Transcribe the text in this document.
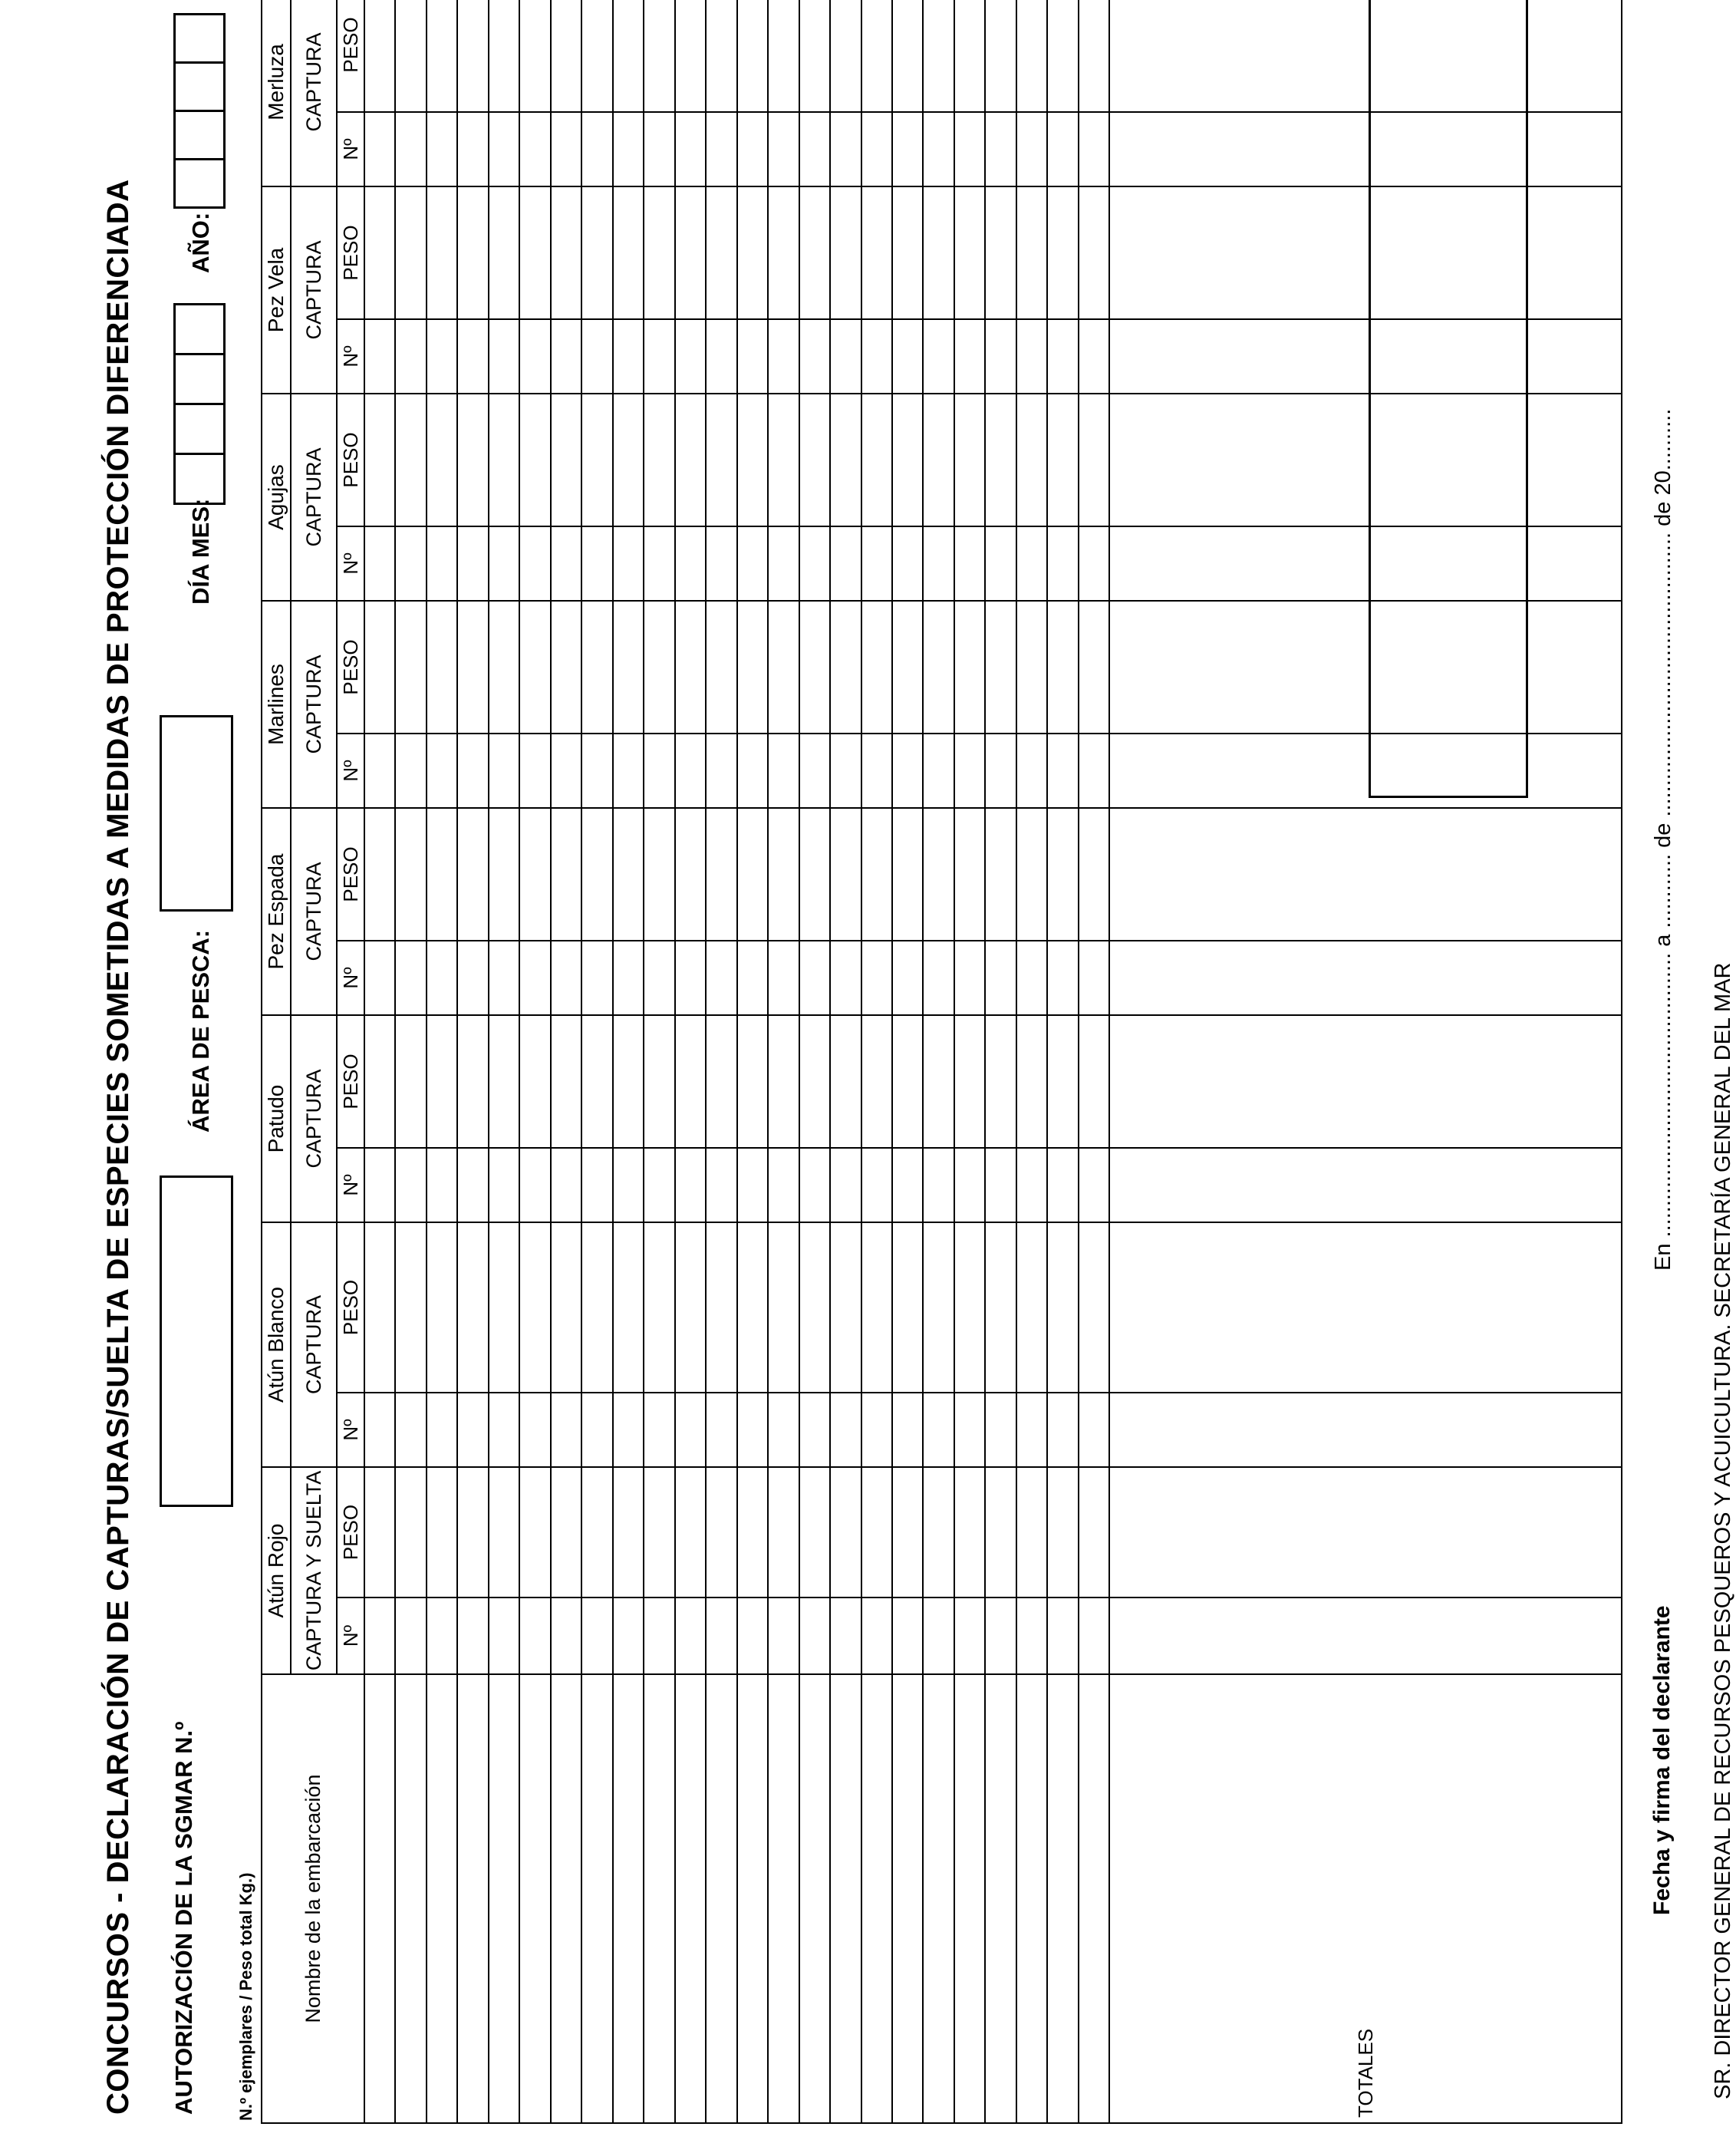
CONCURSOS - DECLARACIÓN DE CAPTURAS/SUELTA DE ESPECIES SOMETIDAS A MEDIDAS DE PROTECCIÓN DIFERENCIADA AUTORIZACIÓN DE LA SGMAR N.º
ÁREA DE PESCA:
DÍA MES:
AÑO:
N.º ejemplares / Peso total Kg.) Nombre de la embarcación	Atún Rojo		Atún Blanco		Patudo		Pez Espada		Marlines		Agujas		Pez Vela		Merluza	
	CAPTURA Y SUELTA		CAPTURA		CAPTURA		CAPTURA		CAPTURA		CAPTURA		CAPTURA		CAPTURA	
	Nº	PESO	Nº	PESO	Nº	PESO	Nº	PESO	Nº	PESO	Nº	PESO	Nº	PESO	Nº	PESO

TOTALES																
Fecha y firma del declarante
En .............................................. a ............ de .............................................. de 20..........
SR. DIRECTOR GENERAL DE RECURSOS PESQUEROS Y ACUICULTURA. SECRETARÍA GENERAL DEL MAR
